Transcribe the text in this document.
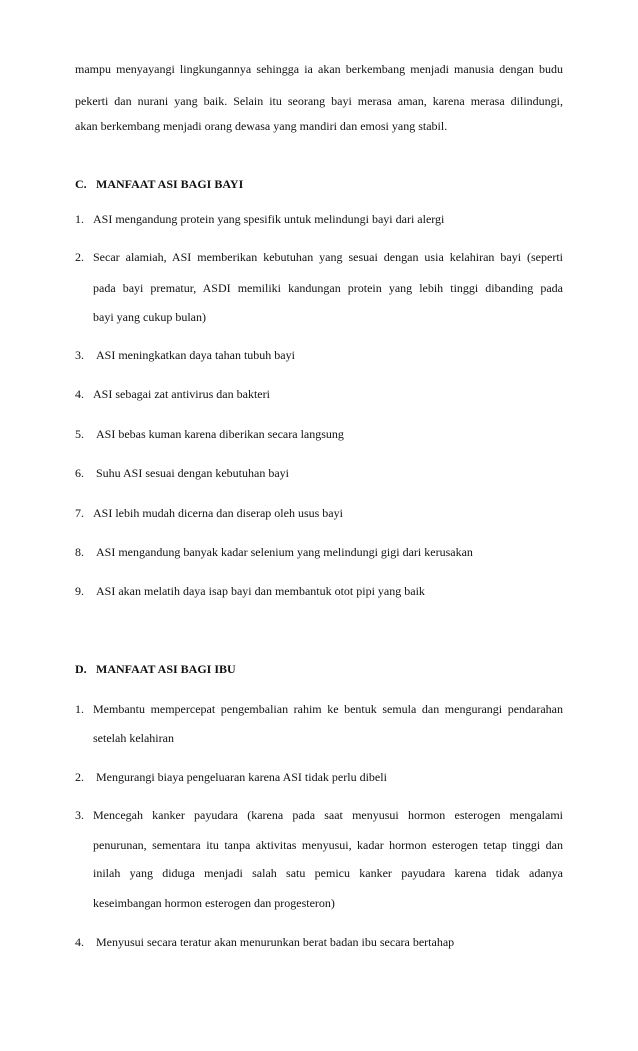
mampu menyayangi lingkungannya sehingga ia akan berkembang menjadi manusia dengan budu
pekerti dan nurani yang baik. Selain itu seorang bayi merasa aman, karena merasa dilindungi,
akan berkembang menjadi orang dewasa yang mandiri dan emosi yang stabil.
C. MANFAAT ASI BAGI BAYI
1. ASI mengandung protein yang spesifik untuk melindungi bayi dari alergi
2. Secar alamiah, ASI memberikan kebutuhan yang sesuai dengan usia kelahiran bayi (seperti
pada bayi prematur, ASDI memiliki kandungan protein yang lebih tinggi dibanding pada
bayi yang cukup bulan)
3. ASI meningkatkan daya tahan tubuh bayi
4. ASI sebagai zat antivirus dan bakteri
5. ASI bebas kuman karena diberikan secara langsung
6. Suhu ASI sesuai dengan kebutuhan bayi
7. ASI lebih mudah dicerna dan diserap oleh usus bayi
8. ASI mengandung banyak kadar selenium yang melindungi gigi dari kerusakan
9. ASI akan melatih daya isap bayi dan membantuk otot pipi yang baik
D. MANFAAT ASI BAGI IBU
1. Membantu mempercepat pengembalian rahim ke bentuk semula dan mengurangi pendarahan
setelah kelahiran
2. Mengurangi biaya pengeluaran karena ASI tidak perlu dibeli
3. Mencegah kanker payudara (karena pada saat menyusui hormon esterogen mengalami
penurunan, sementara itu tanpa aktivitas menyusui, kadar hormon esterogen tetap tinggi dan
inilah yang diduga menjadi salah satu pemicu kanker payudara karena tidak adanya
keseimbangan hormon esterogen dan progesteron)
4. Menyusui secara teratur akan menurunkan berat badan ibu secara bertahap
